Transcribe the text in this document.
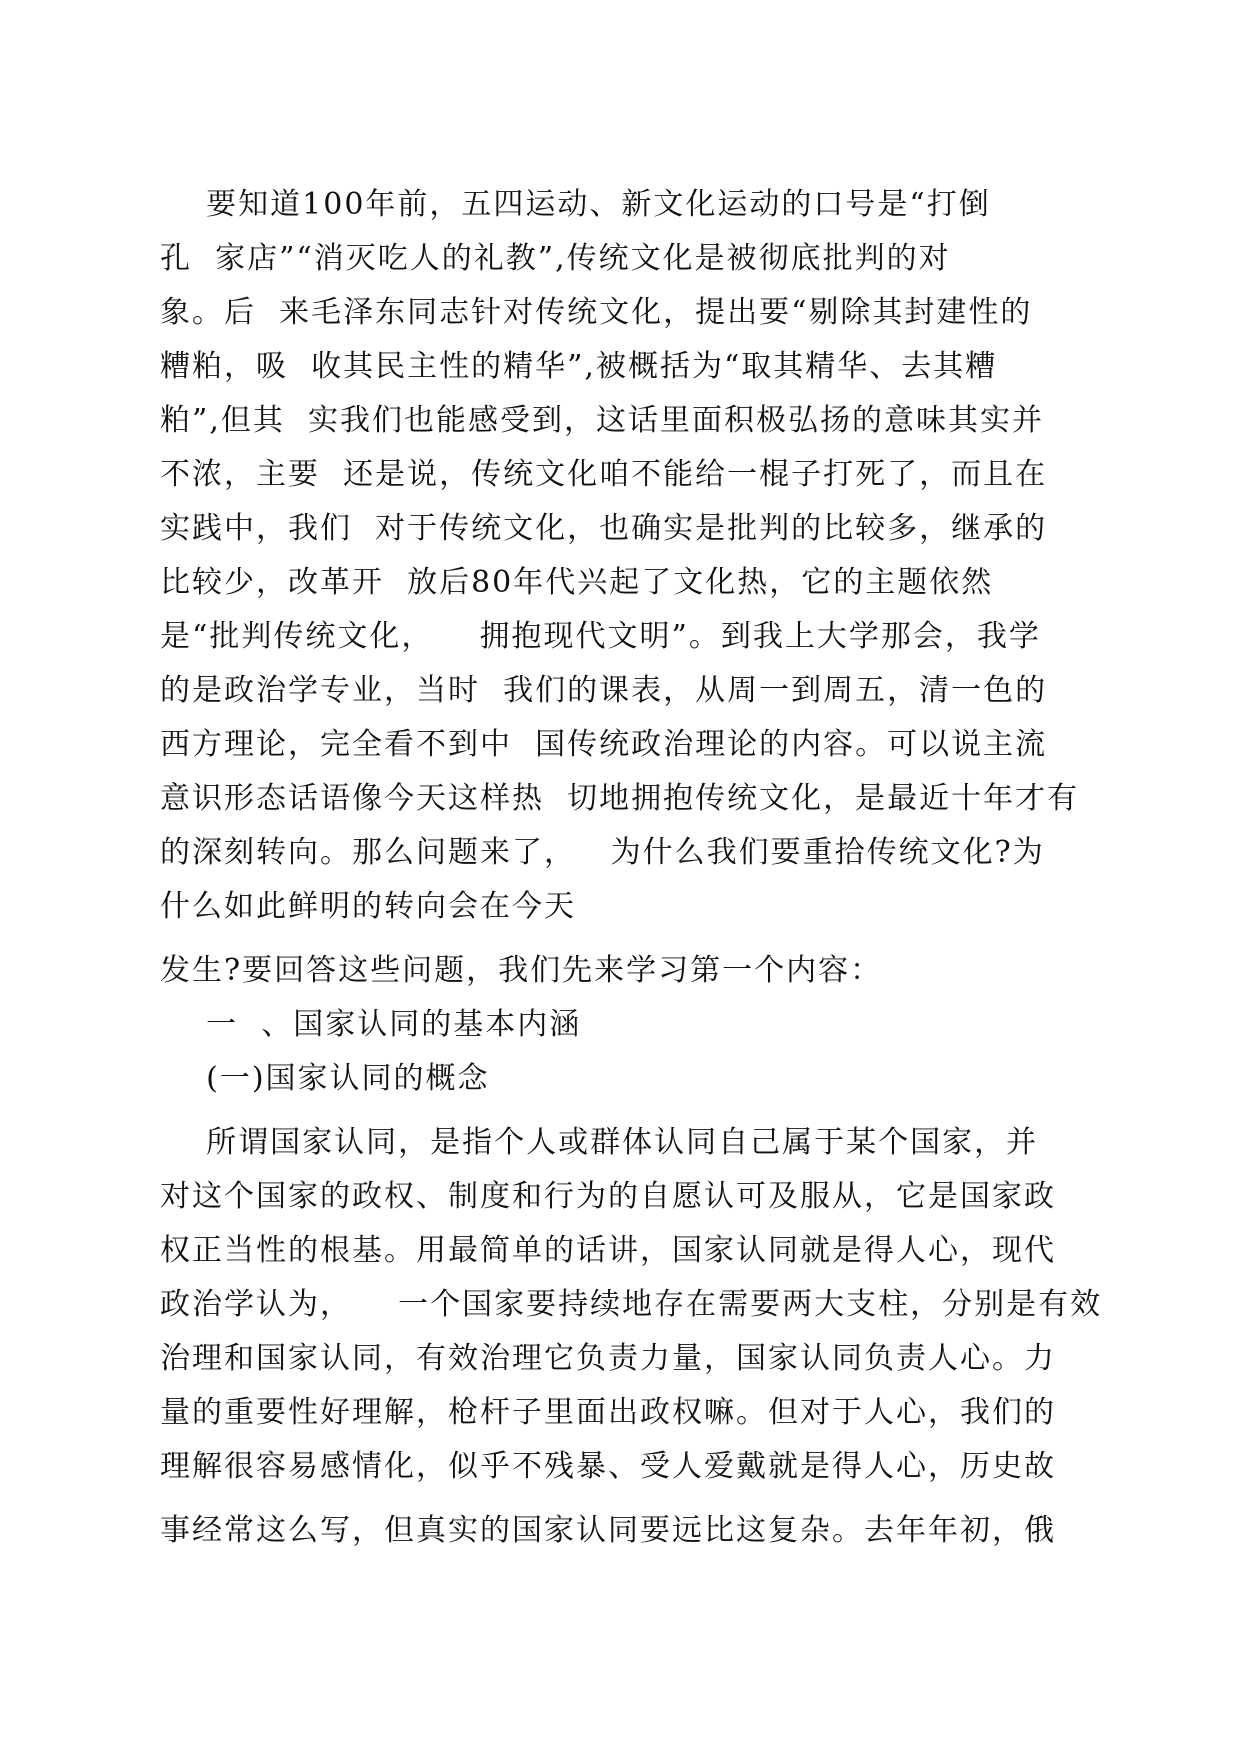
要知道100年前，五四运动、新文化运动的口号是“打倒
孔  家店”“消灭吃人的礼教”,传统文化是被彻底批判的对
象。后  来毛泽东同志针对传统文化，提出要“剔除其封建性的
糟粕，吸  收其民主性的精华”,被概括为“取其精华、去其糟
粕”,但其  实我们也能感受到，这话里面积极弘扬的意味其实并
不浓，主要  还是说，传统文化咱不能给一棍子打死了，而且在
实践中，我们  对于传统文化，也确实是批判的比较多，继承的
比较少，改革开  放后80年代兴起了文化热，它的主题依然
是“批判传统文化，    拥抱现代文明”。到我上大学那会，我学
的是政治学专业，当时  我们的课表，从周一到周五，清一色的
西方理论，完全看不到中  国传统政治理论的内容。可以说主流
意识形态话语像今天这样热  切地拥抱传统文化，是最近十年才有
的深刻转向。那么问题来了，   为什么我们要重拾传统文化?为
什么如此鲜明的转向会在今天
发生?要回答这些问题，我们先来学习第一个内容：
一  、国家认同的基本内涵
(一)国家认同的概念
所谓国家认同，是指个人或群体认同自己属于某个国家，并
对这个国家的政权、制度和行为的自愿认可及服从，它是国家政
权正当性的根基。用最简单的话讲，国家认同就是得人心，现代
政治学认为，    一个国家要持续地存在需要两大支柱，分别是有效
治理和国家认同，有效治理它负责力量，国家认同负责人心。力
量的重要性好理解，枪杆子里面出政权嘛。但对于人心，我们的
理解很容易感情化，似乎不残暴、受人爱戴就是得人心，历史故
事经常这么写，但真实的国家认同要远比这复杂。去年年初，俄
